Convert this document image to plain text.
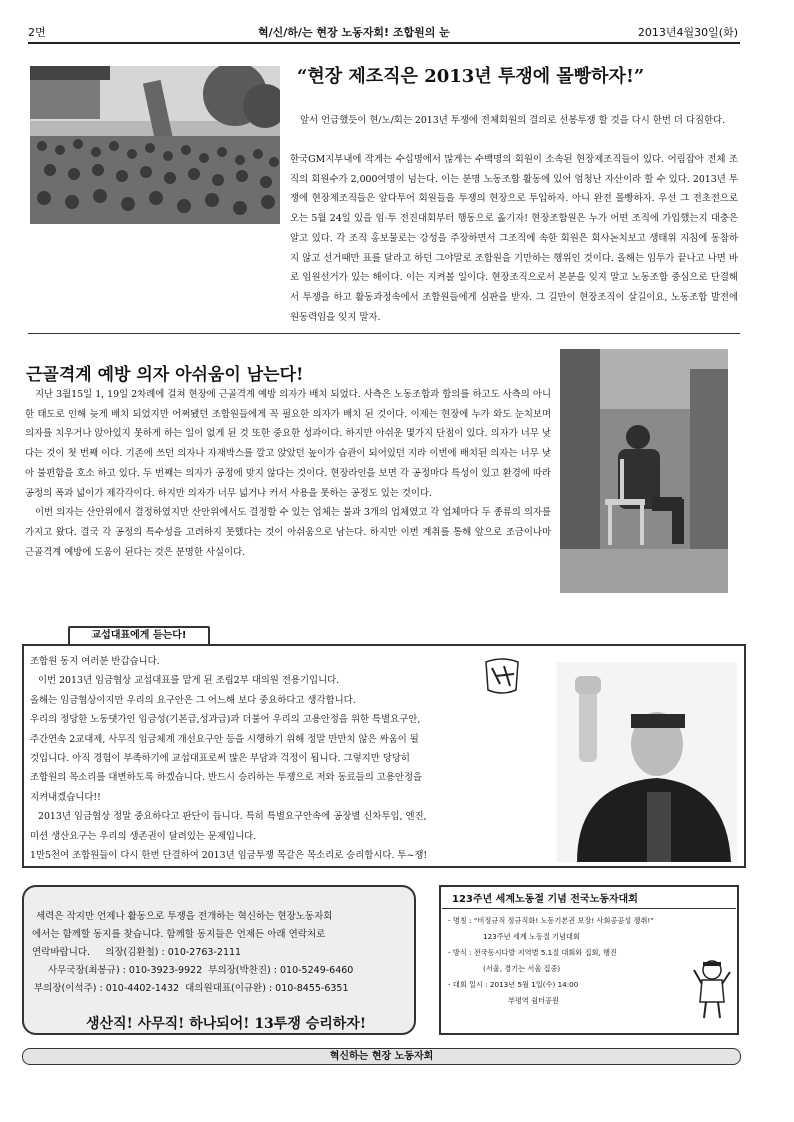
2면	혁/신/하/는 현장 노동자회! 조합원의 눈	2013년4월30일(화)
“현장 제조직은 2013년 투쟁에 몰빵하자!”

앞서 언급했듯이 현/노/회는 2013년 투쟁에 전체회원의 결의로 선봉투쟁 할 것을 다시 한번 더 다짐한다.

한국GM지부내에 작게는 수십명에서 많게는 수백명의 회원이 소속된 현장제조직들이 있다. 어림잡아 전체 조직의 회원수가 2,000여명이 넘는다. 이는 분명 노동조합 활동에 있어 엄청난 자산이라 할 수 있다. 2013년 투쟁에 현장제조직들은 앞다투어 회원들을 투쟁의 현장으로 투입하자. 아니 완전 몰빵하자. 우선 그 전초전으로 오는 5월 24일 있을 임·투 전진대회부터 행동으로 옮기자! 현장조합원은 누가 어떤 조직에 가입했는지 대충은 알고 있다. 각 조직 홍보물로는 강성을 주장하면서 그조직에 속한 회원은 회사논치보고 생태위 지침에 동참하지 않고 선거때만 표를 달라고 하던 그야말로 조합원을 기만하는 행위인 것이다. 올해는 임투가 끝나고 나면 바로 임원선거가 있는 해이다. 이는 지켜볼 일이다. 현장조직으로서 본분을 잊지 말고 노동조합 중심으로 단결해서 투쟁을 하고 활동과정속에서 조합원들에게 심판을 받자. 그 길만이 현장조직이 살길이요, 노동조합 발전에 원동력임을 잊지 말자.

근골격계 예방 의자 아쉬움이 남는다!

지난 3월15일 1, 19일 2차례에 걸쳐 현장에 근골격계 예방 의자가 배치 되었다. 사측은 노동조합과 합의를 하고도 사측의 아니한 태도로 인해 늦게 배치 되었지만 어쩌됐던 조합원들에게 꼭 필요한 의자가 배치 된 것이다. 이제는 현장에 누가 와도 눈치보며 의자를 치우거나 앉아있지 못하게 하는 일이 없게 된 것 또한 중요한 성과이다. 하지만 아쉬운 몇가지 단점이 있다. 의자가 너무 낮다는 것이 첫 번째 이다. 기존에 쓰던 의자나 자재박스를 깔고 앉았던 높이가 습관이 되어있던 지라 이번에 배치된 의자는 너무 낮아 불편함을 호소 하고 있다. 두 번째는 의자가 공정에 맞지 않다는 것이다. 현장라인을 보면 각 공정마다 특성이 있고 환경에 따라 공정의 폭과 넓이가 제각각이다. 하지만 의자가 너무 넓거나 커서 사용을 못하는 공정도 있는 것이다.

이번 의자는 산안위에서 결정하였지만 산안위에서도 결정할 수 있는 업체는 불과 3개의 업체였고 각 업체마다 두 종류의 의자를 가지고 왔다. 결국 각 공정의 특수성을 고려하지 못했다는 것이 아쉬움으로 남는다. 하지만 이번 계취를 통해 앞으로 조금이나마 근골격계 예방에 도움이 된다는 것은 분명한 사실이다.

교섭대표에게 듣는다!
조합원 동지 여러분 반갑습니다.
이번 2013년 임금협상 교섭대표를 맡게 된 조립2부 대의원 전용기입니다.
올해는 임금협상이지만 우리의 요구안은 그 어느해 보다 중요하다고 생각합니다.
우리의 정당한 노동댓가인 임금성(기본급,성과급)과 더불어 우리의 고용안정을 위한 특별요구안,
주간연속 2교대제, 사무직 임금체계 개선요구안 등을 시행하기 위해 정말 만만치 않은 싸움이 될
것입니다. 아직 경험이 부족하기에 교섭대표로써 많은 부담과 걱정이 됩니다. 그렇지만 당당히
조합원의 목소리를 대변하도록 하겠습니다. 반드시 승리하는 투쟁으로 저와 동료들의 고용안정을
지켜내겠습니다!!
2013년 임금협상 정말 중요하다고 판단이 듭니다. 특히 특별요구안속에 공장별 신차투입, 엔진,
미션 생산요구는 우리의 생존권이 달려있는 문제입니다.
1만5천여 조합원들이 다시 한번 단결하여 2013년 임금투쟁 목같은 목소리로 승리합시다. 투~쟁!
세력은 작지만 언제나 활동으로 투쟁을 전개하는 혁신하는 현장노동자회
에서는 함께할 동지를 찾습니다. 함께할 동지들은 언제든 아래 연락처로
연락바랍니다. 의장(김환철) : 010-2763-2111
사무국장(최봉규) : 010-3923-9922 부의장(박찬진) : 010-5249-6460
부의장(이석주) : 010-4402-1432 대의원대표(이규완) : 010-8455-6351
생산직! 사무직! 하나되어! 13투쟁 승리하자!
123주년 세계노동절 기념 전국노동자대회
- 명칭 : “비정규직 정규직화! 노동기본권 보장! 사회공공성 쟁취!”
123주년 세계 노동절 기념대회
- 방식 : 전국동시다발 지역별 5.1절 대회와 집회, 행진
(서울, 경기는 서울 집중)
- 대회 일시 : 2013년 5월 1일(수) 14:00
부평역 쉼터공원
혁신하는 현장 노동자회
